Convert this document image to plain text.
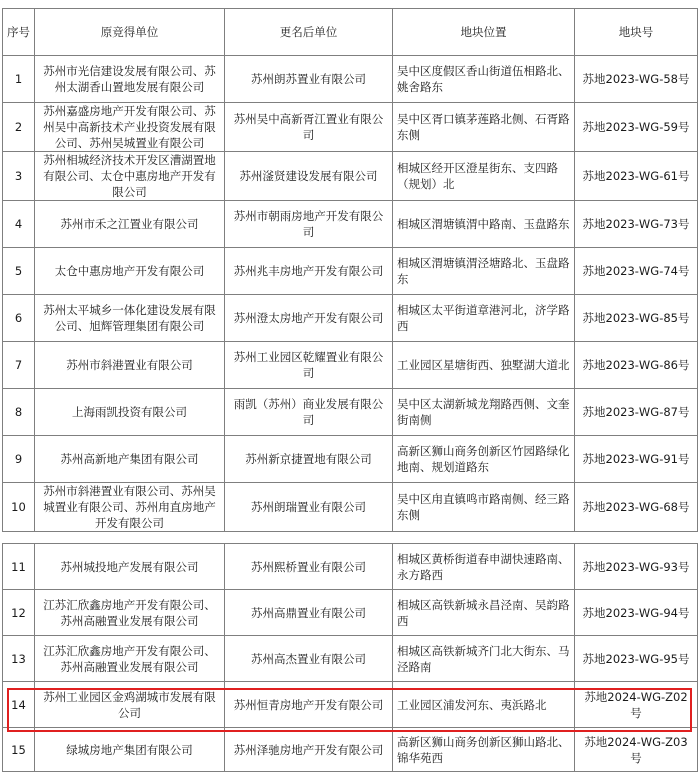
序号	原竞得单位	更名后单位	地块位置	地块号
1	苏州市光信建设发展有限公司、苏州太湖香山置地发展有限公司	苏州朗苏置业有限公司	吴中区度假区香山街道伍相路北、姚舍路东	苏地2023-WG-58号
2	苏州嘉盛房地产开发有限公司、苏州吴中高新技术产业投资发展有限公司、苏州吴城置业有限公司	苏州吴中高新胥江置业有限公司	吴中区胥口镇茅莲路北侧、石胥路东侧	苏地2023-WG-59号
3	苏州相城经济技术开发区漕湖置地有限公司、太仓中惠房地产开发有限公司	苏州滏贤建设发展有限公司	相城区经开区澄星街东、支四路（规划）北	苏地2023-WG-61号
4	苏州市禾之江置业有限公司	苏州市朝雨房地产开发有限公司	相城区渭塘镇渭中路南、玉盘路东	苏地2023-WG-73号
5	太仓中惠房地产开发有限公司	苏州兆丰房地产开发有限公司	相城区渭塘镇渭泾塘路北、玉盘路东	苏地2023-WG-74号
6	苏州太平城乡一体化建设发展有限公司、旭辉管理集团有限公司	苏州澄太房地产开发有限公司	相城区太平街道章港河北，济学路西	苏地2023-WG-85号
7	苏州市斜港置业有限公司	苏州工业园区乾耀置业有限公司	工业园区星塘街西、独墅湖大道北	苏地2023-WG-86号
8	上海雨凯投资有限公司	雨凯（苏州）商业发展有限公司	吴中区太湖新城龙翔路西侧、文奎街南侧	苏地2023-WG-87号
9	苏州高新地产集团有限公司	苏州新京捷置地有限公司	高新区狮山商务创新区竹园路绿化地南、规划道路东	苏地2023-WG-91号
10	苏州市斜港置业有限公司、苏州吴城置业有限公司、苏州甪直房地产开发有限公司	苏州朗瑞置业有限公司	吴中区甪直镇鸣市路南侧、经三路东侧	苏地2023-WG-68号
11	苏州城投地产发展有限公司	苏州熙桥置业有限公司	相城区黄桥街道春申湖快速路南、永方路西	苏地2023-WG-93号
12	江苏汇欣鑫房地产开发有限公司、苏州高融置业发展有限公司	苏州高鼎置业有限公司	相城区高铁新城永昌泾南、吴韵路西	苏地2023-WG-94号
13	江苏汇欣鑫房地产开发有限公司、苏州高融置业发展有限公司	苏州高杰置业有限公司	相城区高铁新城齐门北大街东、马泾路南	苏地2023-WG-95号
14	苏州工业园区金鸡湖城市发展有限公司	苏州恒青房地产开发有限公司	工业园区浦发河东、夷浜路北	苏地2024-WG-Z02号
15	绿城房地产集团有限公司	苏州泽驰房地产开发有限公司	高新区狮山商务创新区狮山路北、锦华苑西	苏地2024-WG-Z03号
